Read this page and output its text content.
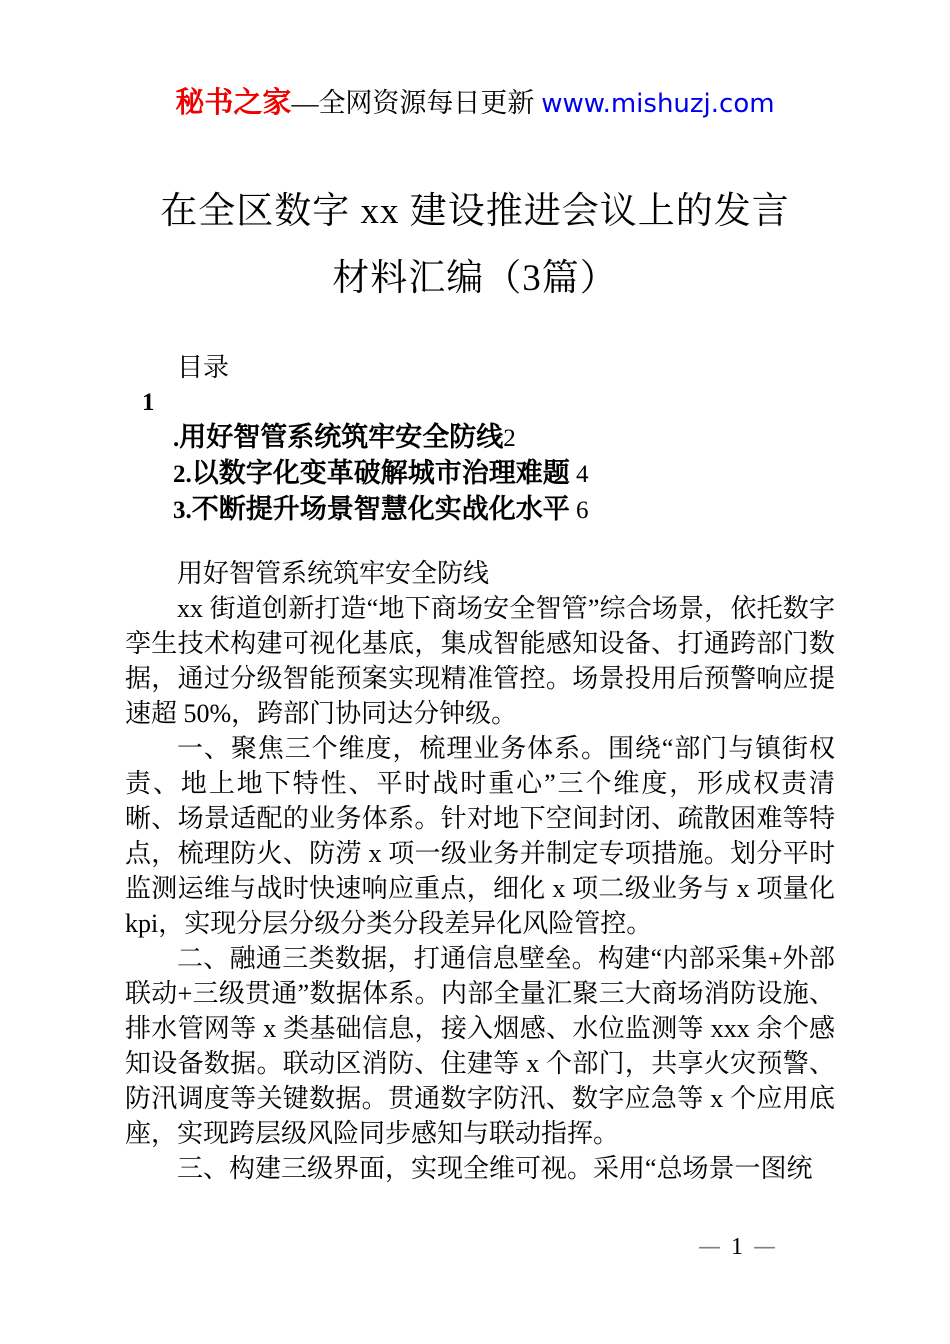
秘书之家—全网资源每日更新 www.mishuzj.com
在全区数字 xx 建设推进会议上的发言
材料汇编（3篇）
目录
1
.用好智管系统筑牢安全防线2
2.以数字化变革破解城市治理难题 4
3.不断提升场景智慧化实战化水平 6

用好智管系统筑牢安全防线

xx 街道创新打造“地下商场安全智管”综合场景，依托数字孪生技术构建可视化基底，集成智能感知设备、打通跨部门数据，通过分级智能预案实现精准管控。场景投用后预警响应提速超 50%，跨部门协同达分钟级。

一、聚焦三个维度，梳理业务体系。围绕“部门与镇街权责、地上地下特性、平时战时重心”三个维度，形成权责清晰、场景适配的业务体系。针对地下空间封闭、疏散困难等特点，梳理防火、防涝 x 项一级业务并制定专项措施。划分平时监测运维与战时快速响应重点，细化 x 项二级业务与 x 项量化 kpi，实现分层分级分类分段差异化风险管控。

二、融通三类数据，打通信息壁垒。构建“内部采集+外部联动+三级贯通”数据体系。内部全量汇聚三大商场消防设施、排水管网等 x 类基础信息，接入烟感、水位监测等 xxx 余个感知设备数据。联动区消防、住建等 x 个部门，共享火灾预警、防汛调度等关键数据。贯通数字防汛、数字应急等 x 个应用底座，实现跨层级风险同步感知与联动指挥。

三、构建三级界面，实现全维可视。采用“总场景一图统

— 1 —
